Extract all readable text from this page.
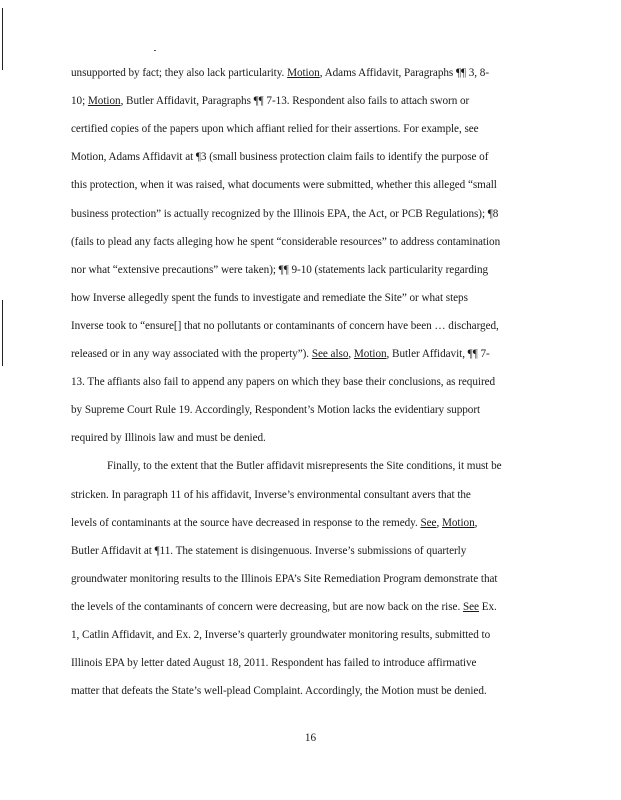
unsupported by fact; they also lack particularity. Motion, Adams Affidavit, Paragraphs ¶¶ 3, 8-
10; Motion, Butler Affidavit, Paragraphs ¶¶ 7-13. Respondent also fails to attach sworn or
certified copies of the papers upon which affiant relied for their assertions. For example, see
Motion, Adams Affidavit at ¶3 (small business protection claim fails to identify the purpose of
this protection, when it was raised, what documents were submitted, whether this alleged “small
business protection” is actually recognized by the Illinois EPA, the Act, or PCB Regulations); ¶8
(fails to plead any facts alleging how he spent “considerable resources” to address contamination
nor what “extensive precautions” were taken); ¶¶ 9-10 (statements lack particularity regarding
how Inverse allegedly spent the funds to investigate and remediate the Site” or what steps
Inverse took to “ensure[] that no pollutants or contaminants of concern have been … discharged,
released or in any way associated with the property”). See also, Motion, Butler Affidavit, ¶¶ 7-
13. The affiants also fail to append any papers on which they base their conclusions, as required
by Supreme Court Rule 19. Accordingly, Respondent’s Motion lacks the evidentiary support
required by Illinois law and must be denied.
Finally, to the extent that the Butler affidavit misrepresents the Site conditions, it must be
stricken. In paragraph 11 of his affidavit, Inverse’s environmental consultant avers that the
levels of contaminants at the source have decreased in response to the remedy. See, Motion,
Butler Affidavit at ¶11. The statement is disingenuous. Inverse’s submissions of quarterly
groundwater monitoring results to the Illinois EPA’s Site Remediation Program demonstrate that
the levels of the contaminants of concern were decreasing, but are now back on the rise. See Ex.
1, Catlin Affidavit, and Ex. 2, Inverse’s quarterly groundwater monitoring results, submitted to
Illinois EPA by letter dated August 18, 2011. Respondent has failed to introduce affirmative
matter that defeats the State’s well-plead Complaint. Accordingly, the Motion must be denied.
16
